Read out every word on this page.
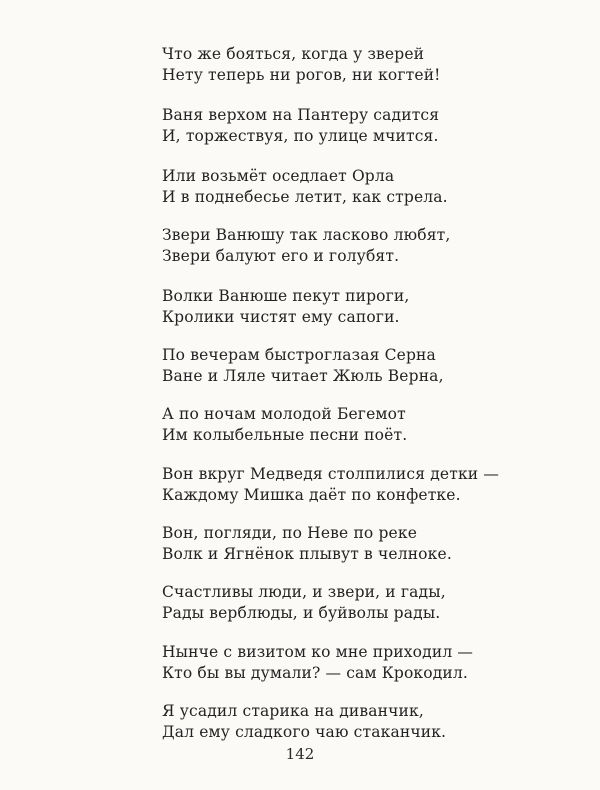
Что же бояться, когда у зверей
Нету теперь ни рогов, ни когтей!
Ваня верхом на Пантеру садится
И, торжествуя, по улице мчится.
Или возьмёт оседлает Орла
И в поднебесье летит, как стрела.
Звери Ванюшу так ласково любят,
Звери балуют его и голубят.
Волки Ванюше пекут пироги,
Кролики чистят ему сапоги.
По вечерам быстроглазая Серна
Ване и Ляле читает Жюль Верна,
А по ночам молодой Бегемот
Им колыбельные песни поёт.
Вон вкруг Медведя столпилися детки —
Каждому Мишка даёт по конфетке.
Вон, погляди, по Неве по реке
Волк и Ягнёнок плывут в челноке.
Счастливы люди, и звери, и гады,
Рады верблюды, и буйволы рады.
Нынче с визитом ко мне приходил —
Кто бы вы думали? — сам Крокодил.
Я усадил старика на диванчик,
Дал ему сладкого чаю стаканчик.
142
